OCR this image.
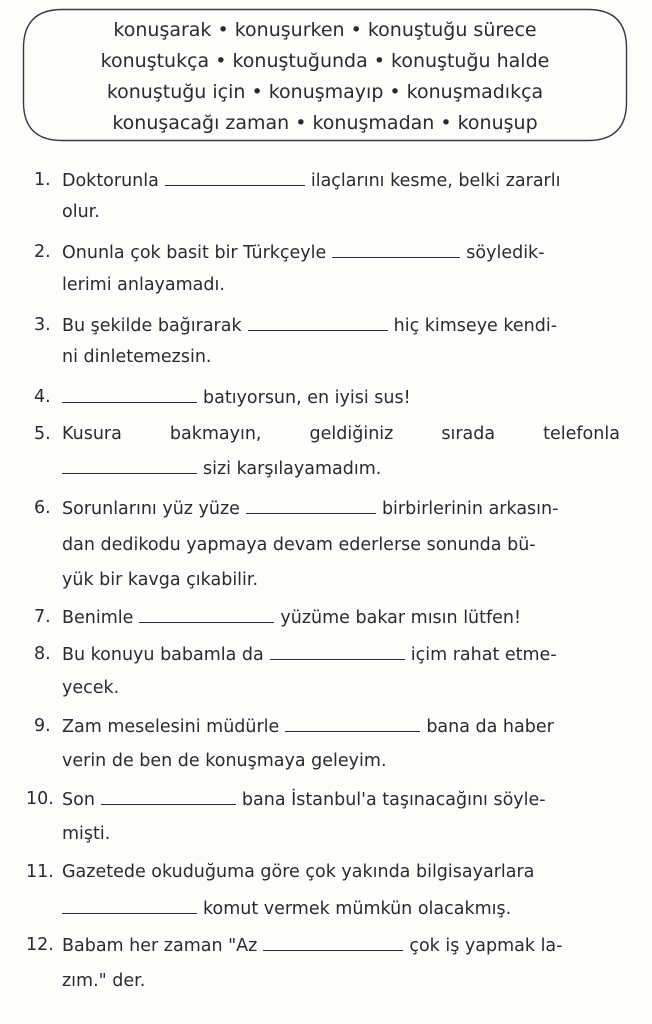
konuşarak • konuşurken • konuştuğu sürece
konuştukça • konuştuğunda • konuştuğu halde
konuştuğu için • konuşmayıp • konuşmadıkça
konuşacağı zaman • konuşmadan • konuşup
1. Doktorunla	ilaçlarını kesme, belki zararlı
olur.
2. Onunla çok basit bir Türkçeyle	söyledik-
lerimi anlayamadı.
3. Bu şekilde bağırarak	hiç kimseye kendi-
ni dinletemezsin.
4.	batıyorsun, en iyisi sus!
5. Kusura	bakmayın,	geldiğiniz	sırada	telefonla
sizi karşılayamadım.
6. Sorunlarını yüz yüze	birbirlerinin arkasın-
dan dedikodu yapmaya devam ederlerse sonunda bü-
yük bir kavga çıkabilir.
7. Benimle	yüzüme bakar mısın lütfen!
8. Bu konuyu babamla da	içim rahat etme-
yecek.
9. Zam meselesini müdürle	bana da haber
verin de ben de konuşmaya geleyim.
10. Son	bana İstanbul'a taşınacağını söyle-
mişti.
11. Gazetede okuduğuma göre çok yakında bilgisayarlara
komut vermek mümkün olacakmış.
12. Babam her zaman "Az	çok iş yapmak la-
zım." der.
